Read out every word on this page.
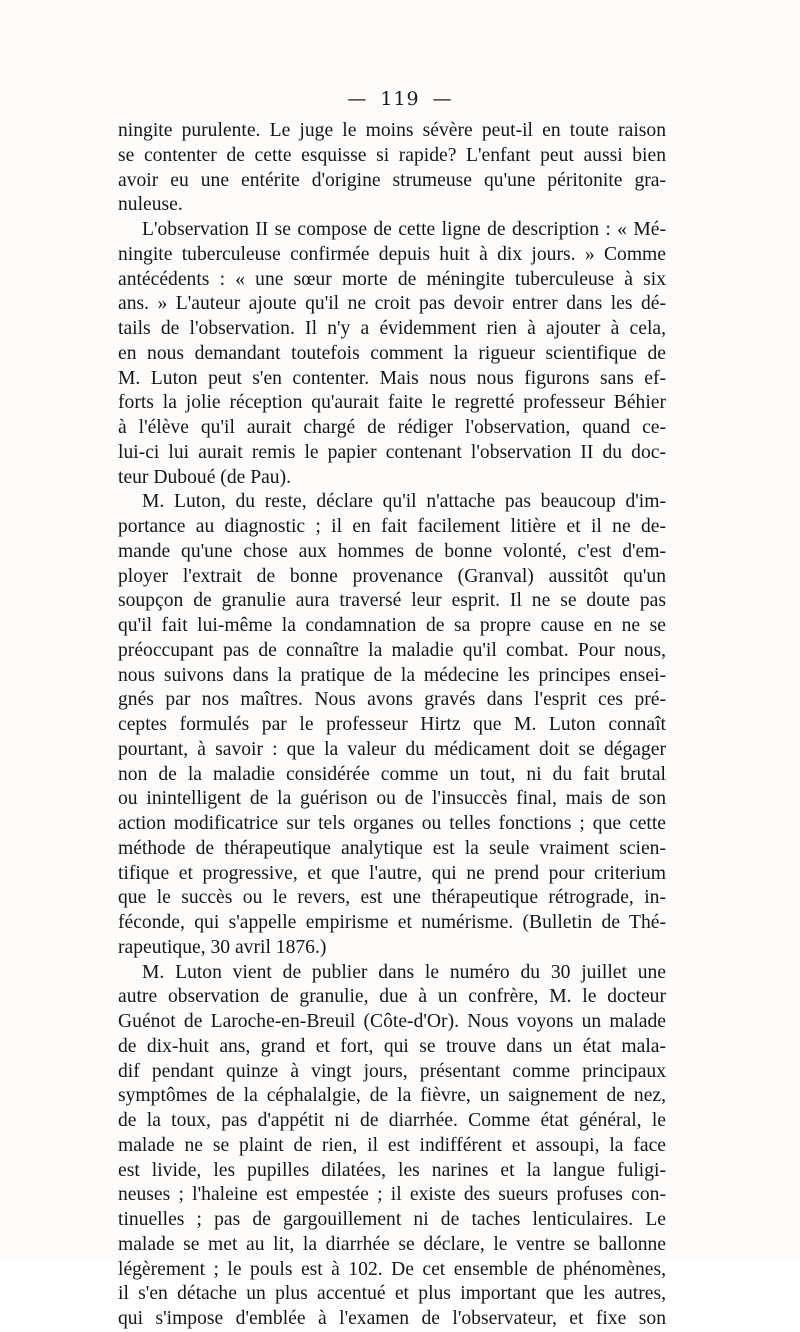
— 119 —
ningite purulente. Le juge le moins sévère peut-il en toute raison
se contenter de cette esquisse si rapide? L'enfant peut aussi bien
avoir eu une entérite d'origine strumeuse qu'une péritonite gra-
nuleuse.
L'observation II se compose de cette ligne de description : « Mé-
ningite tuberculeuse confirmée depuis huit à dix jours. » Comme
antécédents : « une sœur morte de méningite tuberculeuse à six
ans. » L'auteur ajoute qu'il ne croit pas devoir entrer dans les dé-
tails de l'observation. Il n'y a évidemment rien à ajouter à cela,
en nous demandant toutefois comment la rigueur scientifique de
M. Luton peut s'en contenter. Mais nous nous figurons sans ef-
forts la jolie réception qu'aurait faite le regretté professeur Béhier
à l'élève qu'il aurait chargé de rédiger l'observation, quand ce-
lui-ci lui aurait remis le papier contenant l'observation II du doc-
teur Duboué (de Pau).
M. Luton, du reste, déclare qu'il n'attache pas beaucoup d'im-
portance au diagnostic ; il en fait facilement litière et il ne de-
mande qu'une chose aux hommes de bonne volonté, c'est d'em-
ployer l'extrait de bonne provenance (Granval) aussitôt qu'un
soupçon de granulie aura traversé leur esprit. Il ne se doute pas
qu'il fait lui-même la condamnation de sa propre cause en ne se
préoccupant pas de connaître la maladie qu'il combat. Pour nous,
nous suivons dans la pratique de la médecine les principes ensei-
gnés par nos maîtres. Nous avons gravés dans l'esprit ces pré-
ceptes formulés par le professeur Hirtz que M. Luton connaît
pourtant, à savoir : que la valeur du médicament doit se dégager
non de la maladie considérée comme un tout, ni du fait brutal
ou inintelligent de la guérison ou de l'insuccès final, mais de son
action modificatrice sur tels organes ou telles fonctions ; que cette
méthode de thérapeutique analytique est la seule vraiment scien-
tifique et progressive, et que l'autre, qui ne prend pour criterium
que le succès ou le revers, est une thérapeutique rétrograde, in-
féconde, qui s'appelle empirisme et numérisme. (Bulletin de Thé-
rapeutique, 30 avril 1876.)
M. Luton vient de publier dans le numéro du 30 juillet une
autre observation de granulie, due à un confrère, M. le docteur
Guénot de Laroche-en-Breuil (Côte-d'Or). Nous voyons un malade
de dix-huit ans, grand et fort, qui se trouve dans un état mala-
dif pendant quinze à vingt jours, présentant comme principaux
symptômes de la céphalalgie, de la fièvre, un saignement de nez,
de la toux, pas d'appétit ni de diarrhée. Comme état général, le
malade ne se plaint de rien, il est indifférent et assoupi, la face
est livide, les pupilles dilatées, les narines et la langue fuligi-
neuses ; l'haleine est empestée ; il existe des sueurs profuses con-
tinuelles ; pas de gargouillement ni de taches lenticulaires. Le
malade se met au lit, la diarrhée se déclare, le ventre se ballonne
légèrement ; le pouls est à 102. De cet ensemble de phénomènes,
il s'en détache un plus accentué et plus important que les autres,
qui s'impose d'emblée à l'examen de l'observateur, et fixe son
